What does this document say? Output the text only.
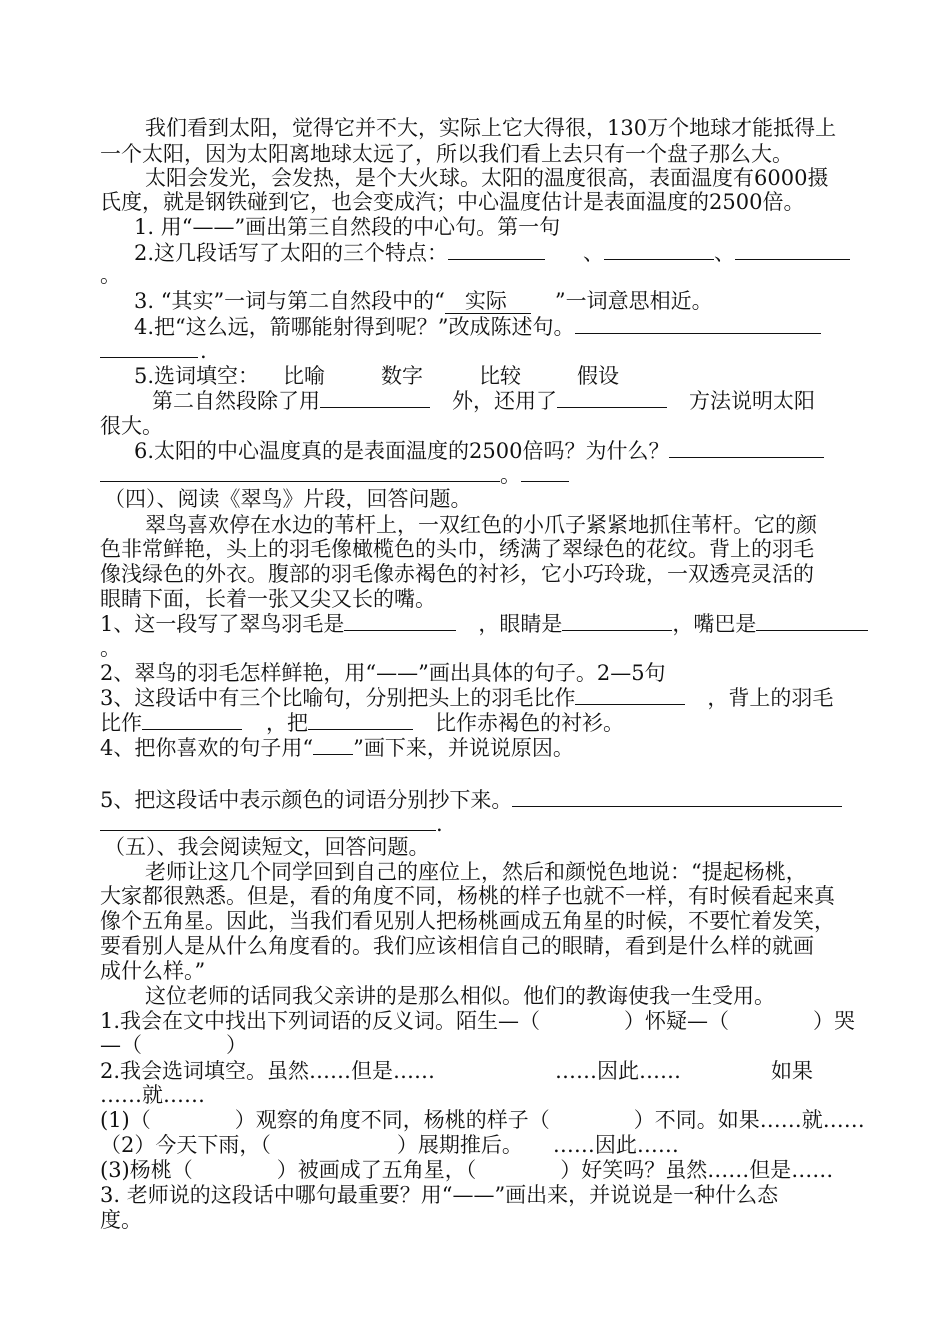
我们看到太阳，觉得它并不大，实际上它大得很，130万个地球才能抵得上
一个太阳，因为太阳离地球太远了，所以我们看上去只有一个盘子那么大。
太阳会发光，会发热，是个大火球。太阳的温度很高，表面温度有6000摄
氏度，就是钢铁碰到它，也会变成汽；中心温度估计是表面温度的2500倍。
1. 用“——”画出第三自然段的中心句。第一句
2.这几段话写了太阳的三个特点：	、	、
。
3. “其实”一词与第二自然段中的“ 实际 ”一词意思相近。
4.把“这么远，箭哪能射得到呢？”改成陈述句。
.
5.选词填空： 比喻	数字	比较	假设
第二自然段除了用	外，还用了	方法说明太阳
很大。
6.太阳的中心温度真的是表面温度的2500倍吗？为什么？
。
（四）、阅读《翠鸟》片段，回答问题。
翠鸟喜欢停在水边的苇杆上，一双红色的小爪子紧紧地抓住苇杆。它的颜
色非常鲜艳，头上的羽毛像橄榄色的头巾，绣满了翠绿色的花纹。背上的羽毛
像浅绿色的外衣。腹部的羽毛像赤褐色的衬衫，它小巧玲珑，一双透亮灵活的
眼睛下面，长着一张又尖又长的嘴。
1、这一段写了翠鸟羽毛是	，眼睛是	，嘴巴是
。
2、翠鸟的羽毛怎样鲜艳，用“——”画出具体的句子。2—5句
3、这段话中有三个比喻句，分别把头上的羽毛比作	，背上的羽毛
比作	，把	比作赤褐色的衬衫。
4、把你喜欢的句子用“ ”画下来，并说说原因。
5、把这段话中表示颜色的词语分别抄下来。
.
（五）、我会阅读短文，回答问题。
老师让这几个同学回到自己的座位上，然后和颜悦色地说：“提起杨桃，
大家都很熟悉。但是，看的角度不同，杨桃的样子也就不一样，有时候看起来真
像个五角星。因此，当我们看见别人把杨桃画成五角星的时候，不要忙着发笑，
要看别人是从什么角度看的。我们应该相信自己的眼睛，看到是什么样的就画
成什么样。”
这位老师的话同我父亲讲的是那么相似。他们的教诲使我一生受用。
1.我会在文中找出下列词语的反义词。陌生—（	）怀疑—（	）哭
—（	）
2.我会选词填空。虽然……但是……	……因此……	如果
……就……
(1)（	）观察的角度不同，杨桃的样子（	）不同。如果……就……
（2）今天下雨，（	）展期推后。 ……因此……
(3)杨桃（	）被画成了五角星，（	）好笑吗？虽然……但是……
3. 老师说的这段话中哪句最重要？用“——”画出来，并说说是一种什么态
度。
